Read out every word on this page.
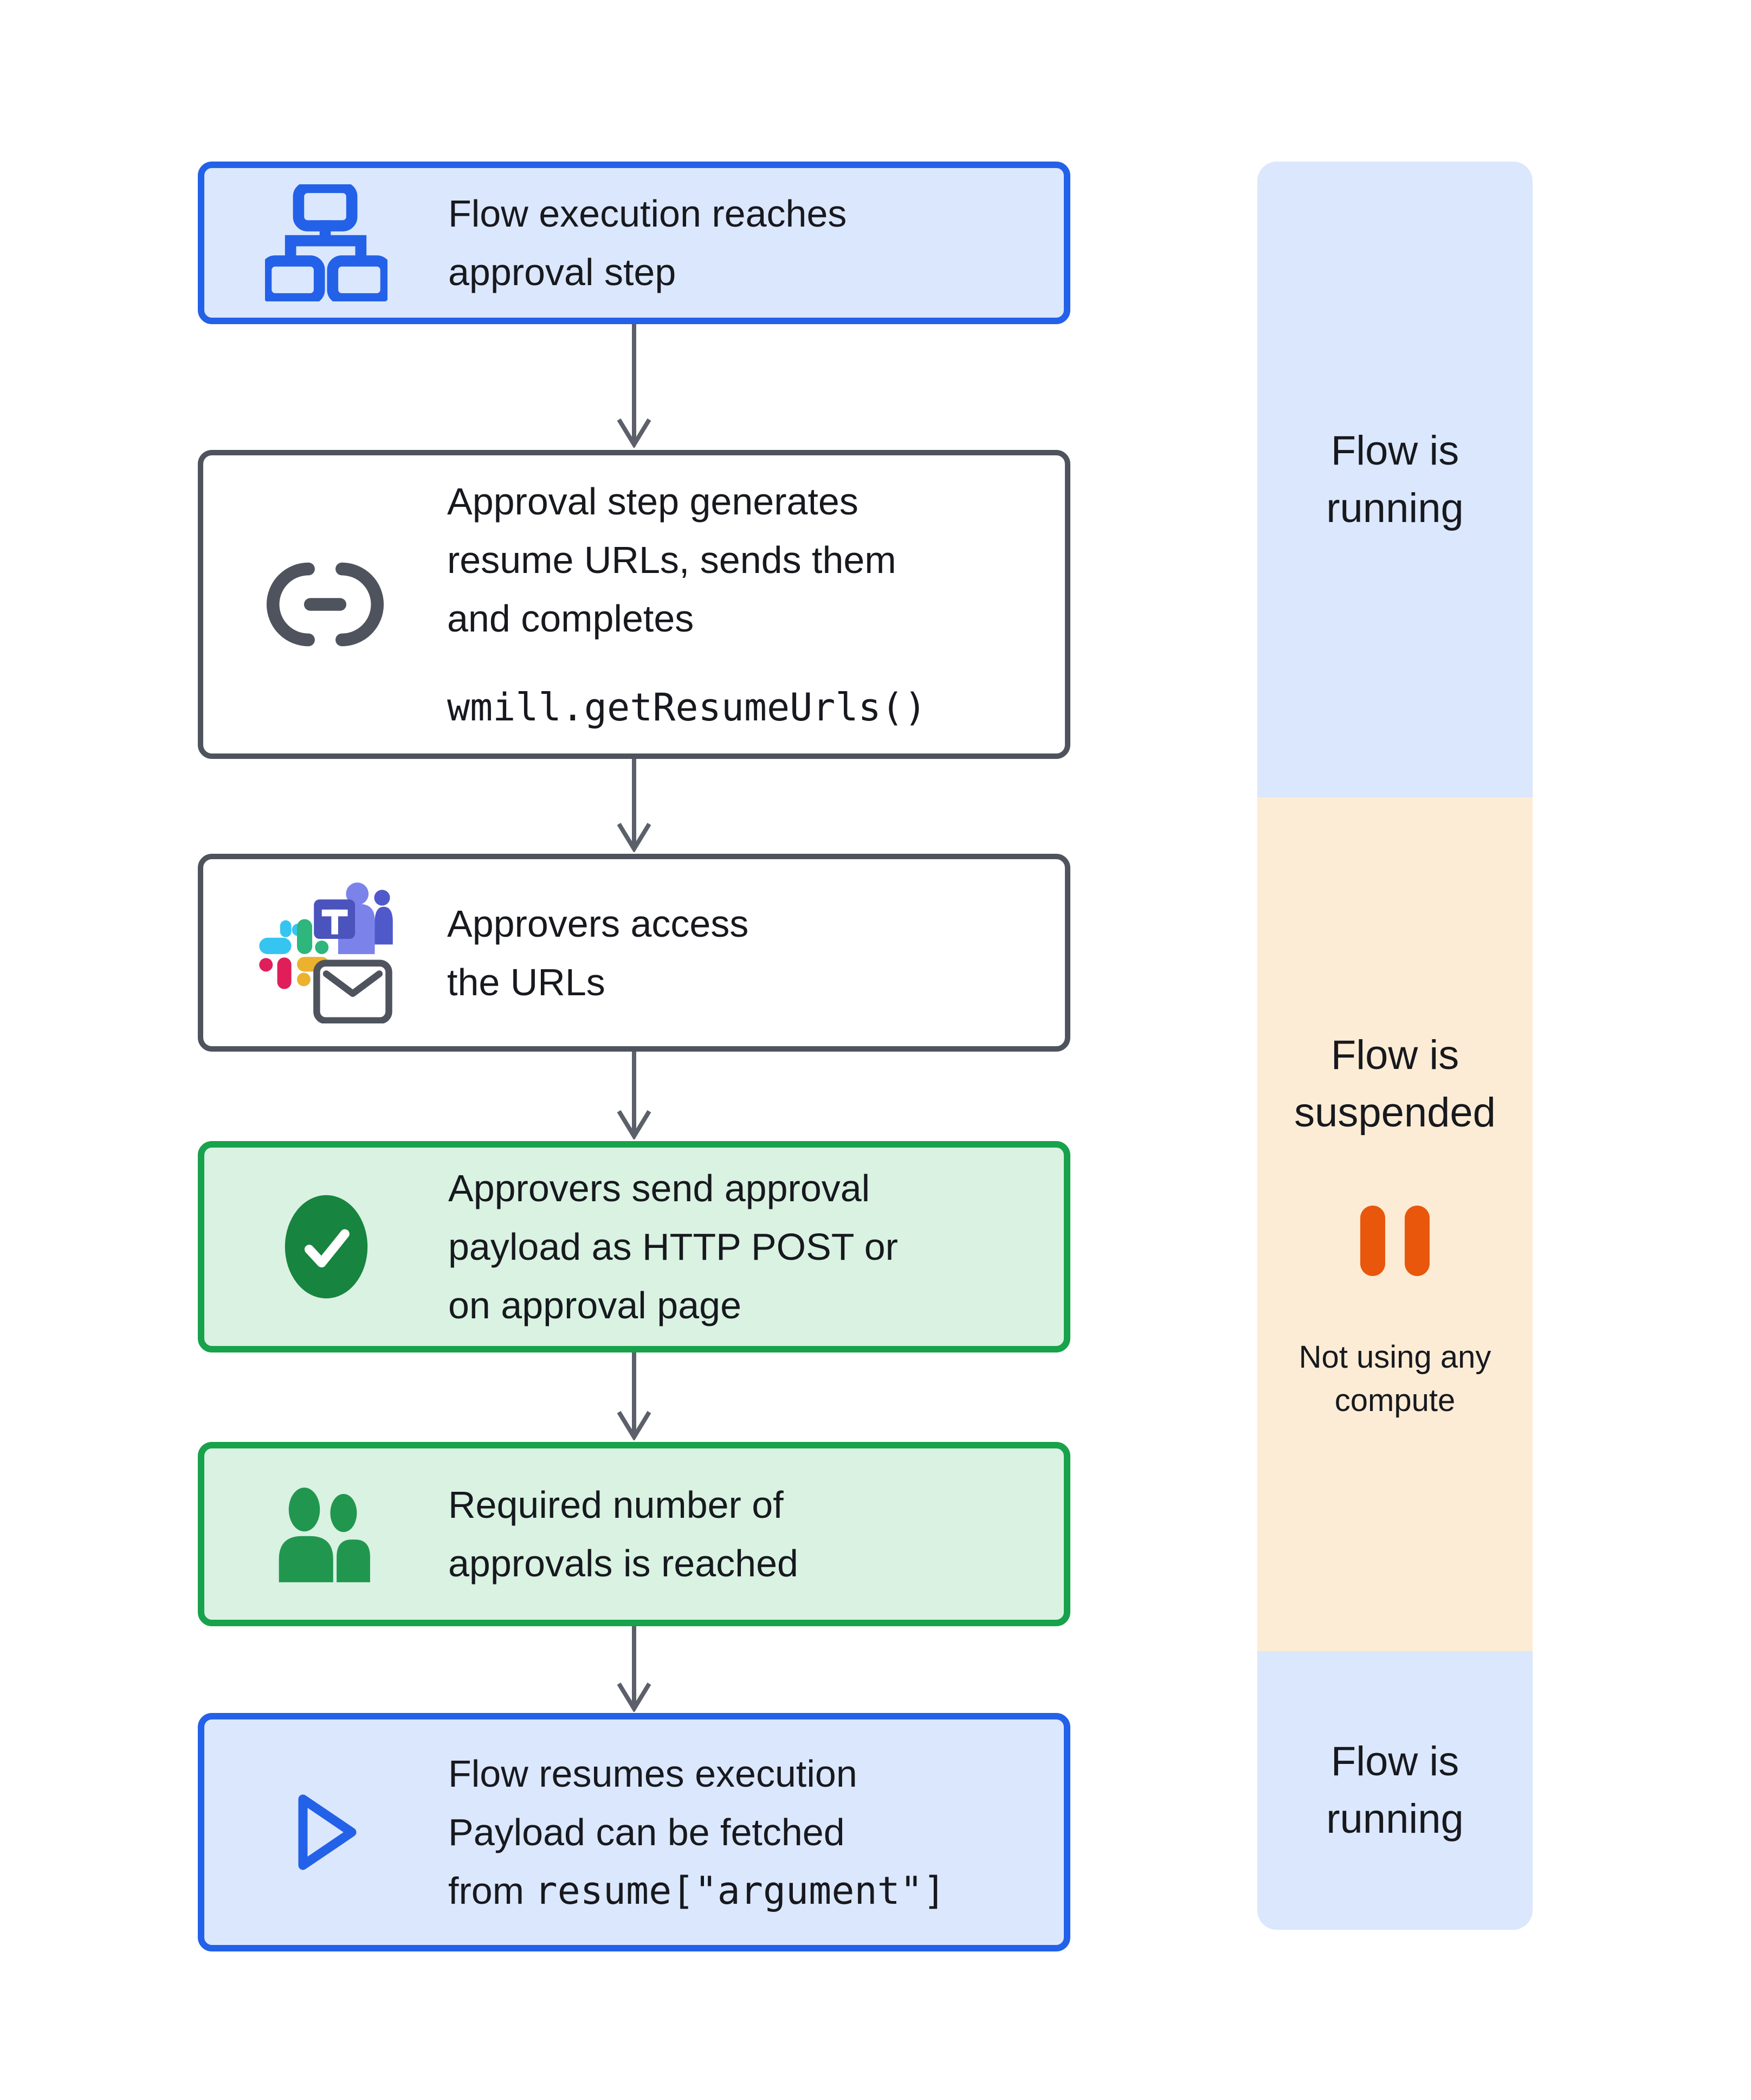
Flow execution reaches
approval step
Approval step generates
resume URLs, sends them
and completes
wmill.getResumeUrls()
Approvers access
the URLs
Approvers send approval
payload as HTTP POST or
on approval page
Required number of
approvals is reached
Flow resumes execution
Payload can be fetched
from resume["argument"]
Flow is running
Flow is suspended
Not using any compute
Flow is running
